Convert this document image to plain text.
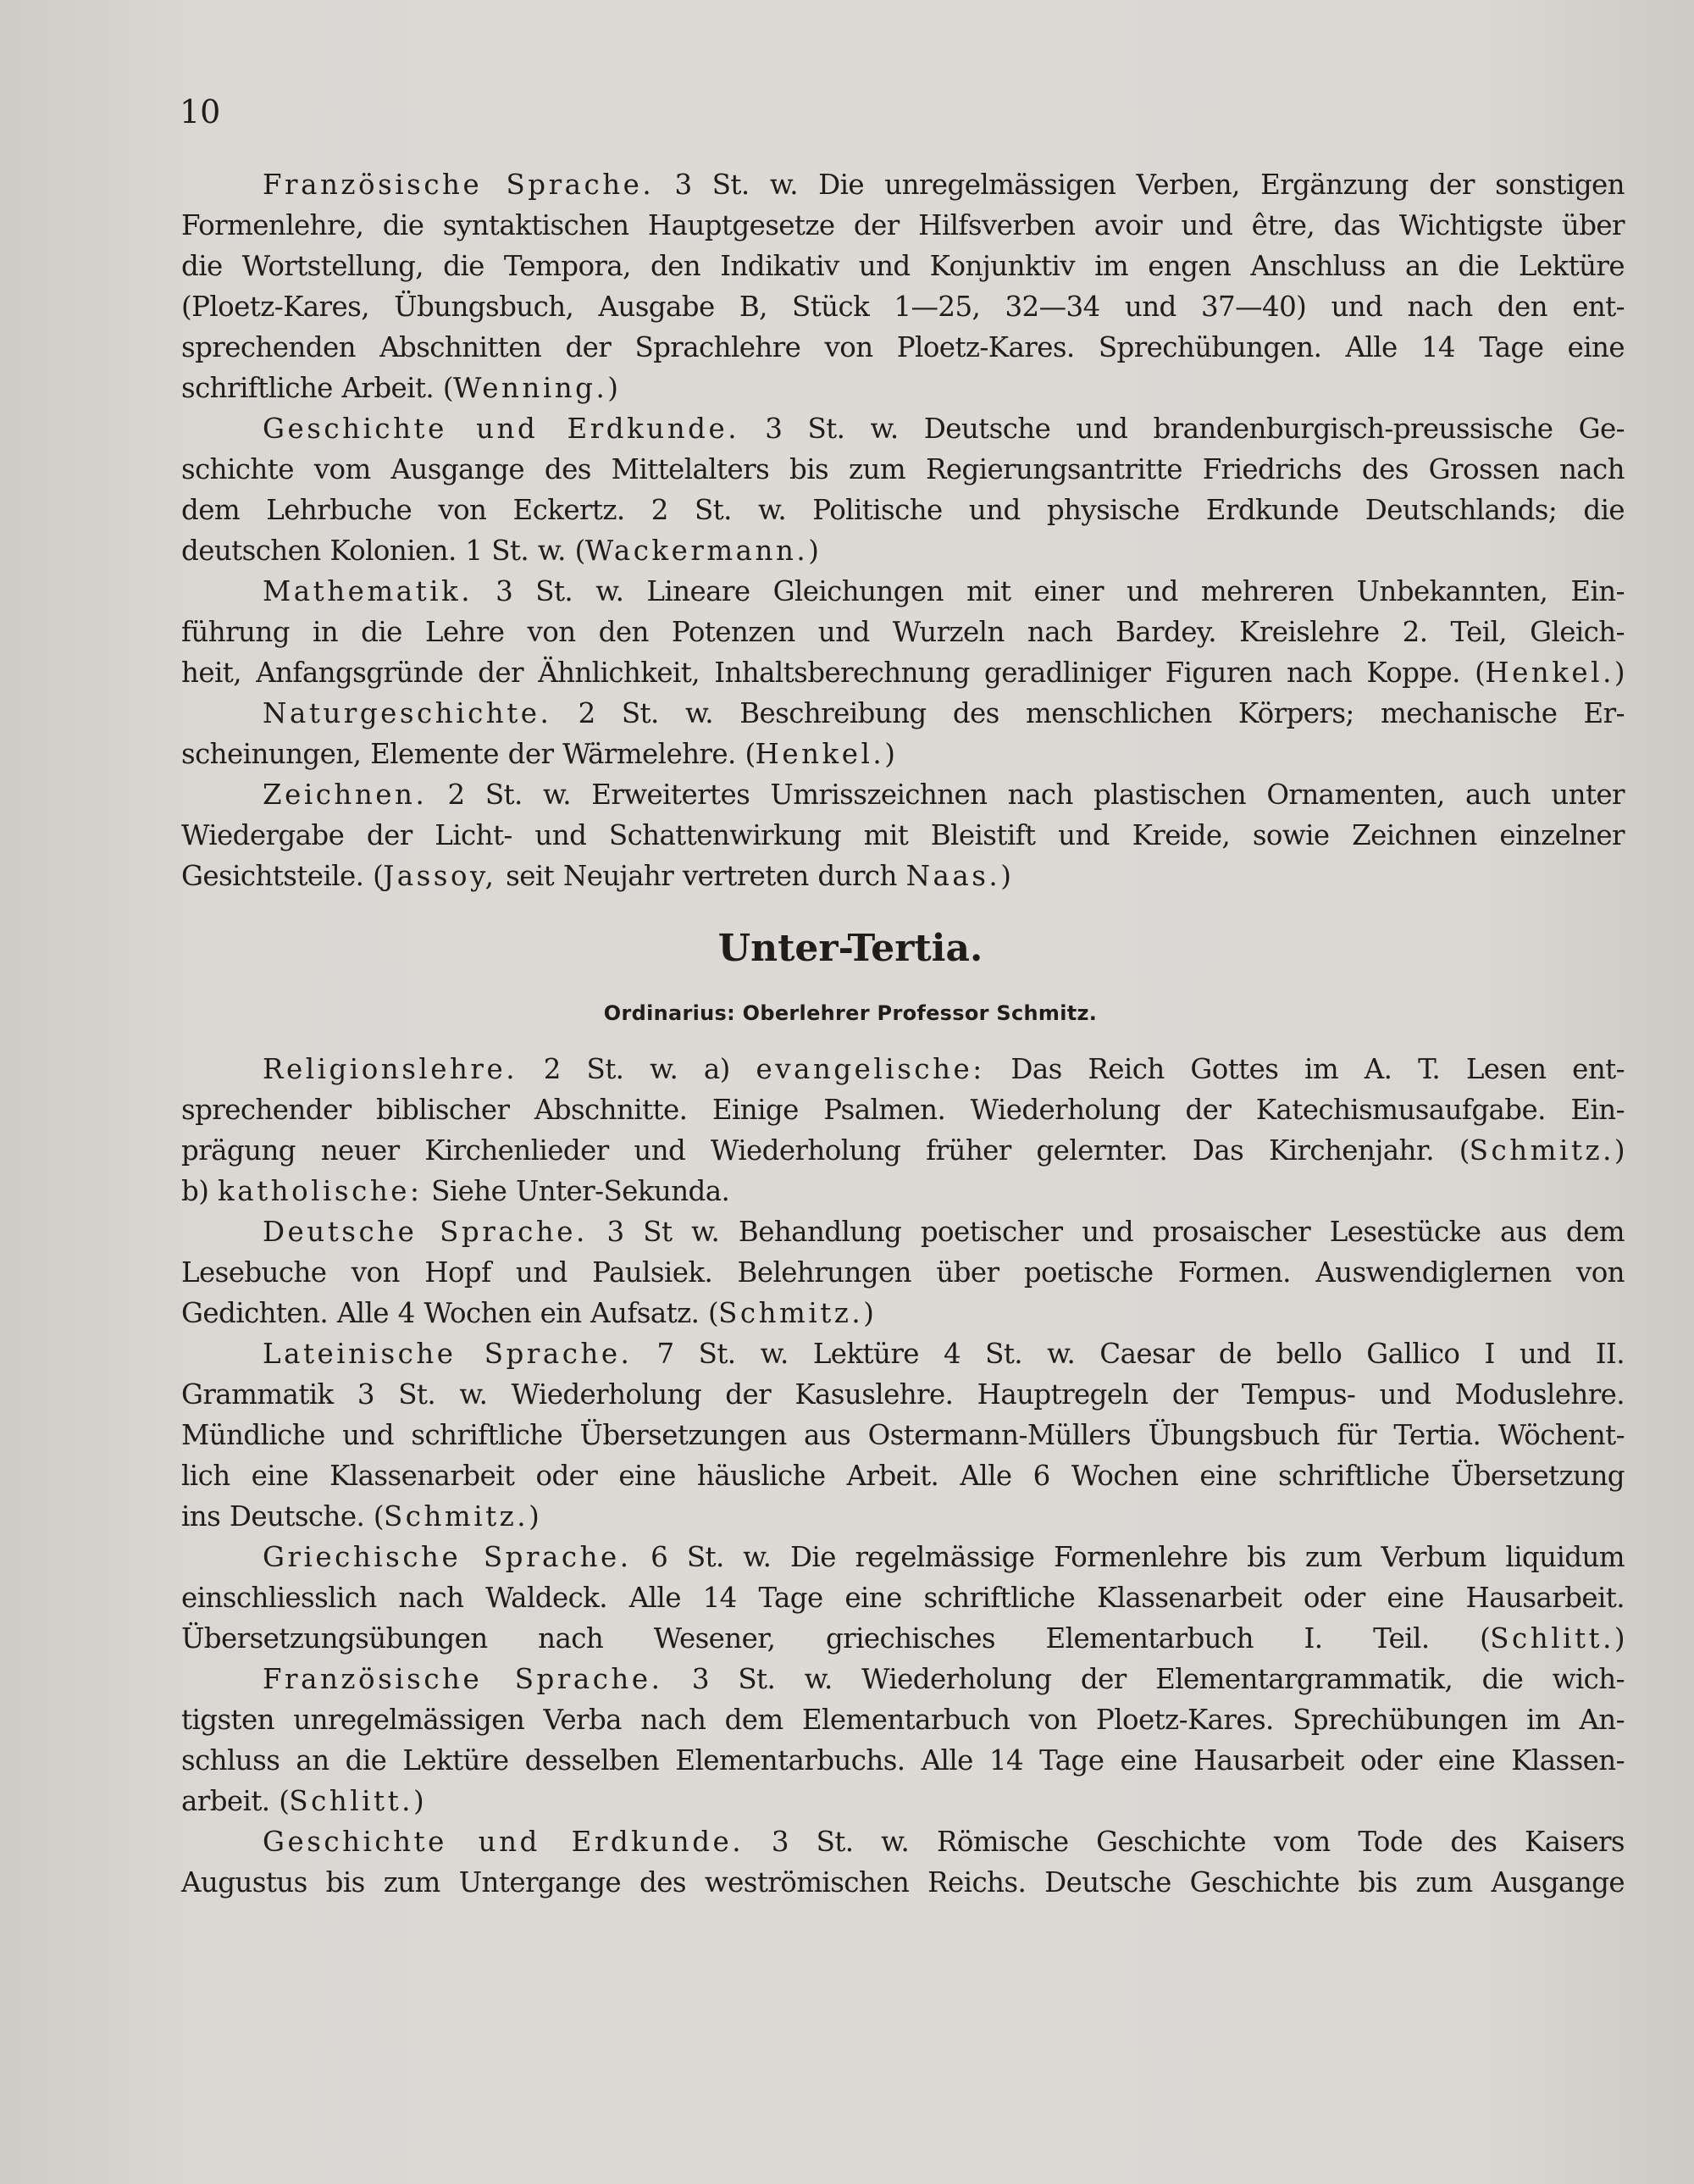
10
Französische Sprache. 3 St. w. Die unregelmässigen Verben, Ergänzung der sonstigen
Formenlehre, die syntaktischen Hauptgesetze der Hilfsverben avoir und être, das Wichtigste über
die Wortstellung, die Tempora, den Indikativ und Konjunktiv im engen Anschluss an die Lektüre
(Ploetz-Kares, Übungsbuch, Ausgabe B, Stück 1—25, 32—34 und 37—40) und nach den ent-
sprechenden Abschnitten der Sprachlehre von Ploetz-Kares. Sprechübungen. Alle 14 Tage eine
schriftliche Arbeit. (Wenning.)
Geschichte und Erdkunde. 3 St. w. Deutsche und brandenburgisch-preussische Ge-
schichte vom Ausgange des Mittelalters bis zum Regierungsantritte Friedrichs des Grossen nach
dem Lehrbuche von Eckertz. 2 St. w. Politische und physische Erdkunde Deutschlands; die
deutschen Kolonien. 1 St. w. (Wackermann.)
Mathematik. 3 St. w. Lineare Gleichungen mit einer und mehreren Unbekannten, Ein-
führung in die Lehre von den Potenzen und Wurzeln nach Bardey. Kreislehre 2. Teil, Gleich-
heit, Anfangsgründe der Ähnlichkeit, Inhaltsberechnung geradliniger Figuren nach Koppe. (Henkel.)
Naturgeschichte. 2 St. w. Beschreibung des menschlichen Körpers; mechanische Er-
scheinungen, Elemente der Wärmelehre. (Henkel.)
Zeichnen. 2 St. w. Erweitertes Umrisszeichnen nach plastischen Ornamenten, auch unter
Wiedergabe der Licht- und Schattenwirkung mit Bleistift und Kreide, sowie Zeichnen einzelner
Gesichtsteile. (Jassoy, seit Neujahr vertreten durch Naas.)
Unter-Tertia.
Ordinarius: Oberlehrer Professor Schmitz.
Religionslehre. 2 St. w. a) evangelische: Das Reich Gottes im A. T. Lesen ent-
sprechender biblischer Abschnitte. Einige Psalmen. Wiederholung der Katechismusaufgabe. Ein-
prägung neuer Kirchenlieder und Wiederholung früher gelernter. Das Kirchenjahr. (Schmitz.)
b) katholische: Siehe Unter-Sekunda.
Deutsche Sprache. 3 St w. Behandlung poetischer und prosaischer Lesestücke aus dem
Lesebuche von Hopf und Paulsiek. Belehrungen über poetische Formen. Auswendiglernen von
Gedichten. Alle 4 Wochen ein Aufsatz. (Schmitz.)
Lateinische Sprache. 7 St. w. Lektüre 4 St. w. Caesar de bello Gallico I und II.
Grammatik 3 St. w. Wiederholung der Kasuslehre. Hauptregeln der Tempus- und Moduslehre.
Mündliche und schriftliche Übersetzungen aus Ostermann-Müllers Übungsbuch für Tertia. Wöchent-
lich eine Klassenarbeit oder eine häusliche Arbeit. Alle 6 Wochen eine schriftliche Übersetzung
ins Deutsche. (Schmitz.)
Griechische Sprache. 6 St. w. Die regelmässige Formenlehre bis zum Verbum liquidum
einschliesslich nach Waldeck. Alle 14 Tage eine schriftliche Klassenarbeit oder eine Hausarbeit.
Übersetzungsübungen nach Wesener, griechisches Elementarbuch I. Teil. (Schlitt.)
Französische Sprache. 3 St. w. Wiederholung der Elementargrammatik, die wich-
tigsten unregelmässigen Verba nach dem Elementarbuch von Ploetz-Kares. Sprechübungen im An-
schluss an die Lektüre desselben Elementarbuchs. Alle 14 Tage eine Hausarbeit oder eine Klassen-
arbeit. (Schlitt.)
Geschichte und Erdkunde. 3 St. w. Römische Geschichte vom Tode des Kaisers
Augustus bis zum Untergange des weströmischen Reichs. Deutsche Geschichte bis zum Ausgange
